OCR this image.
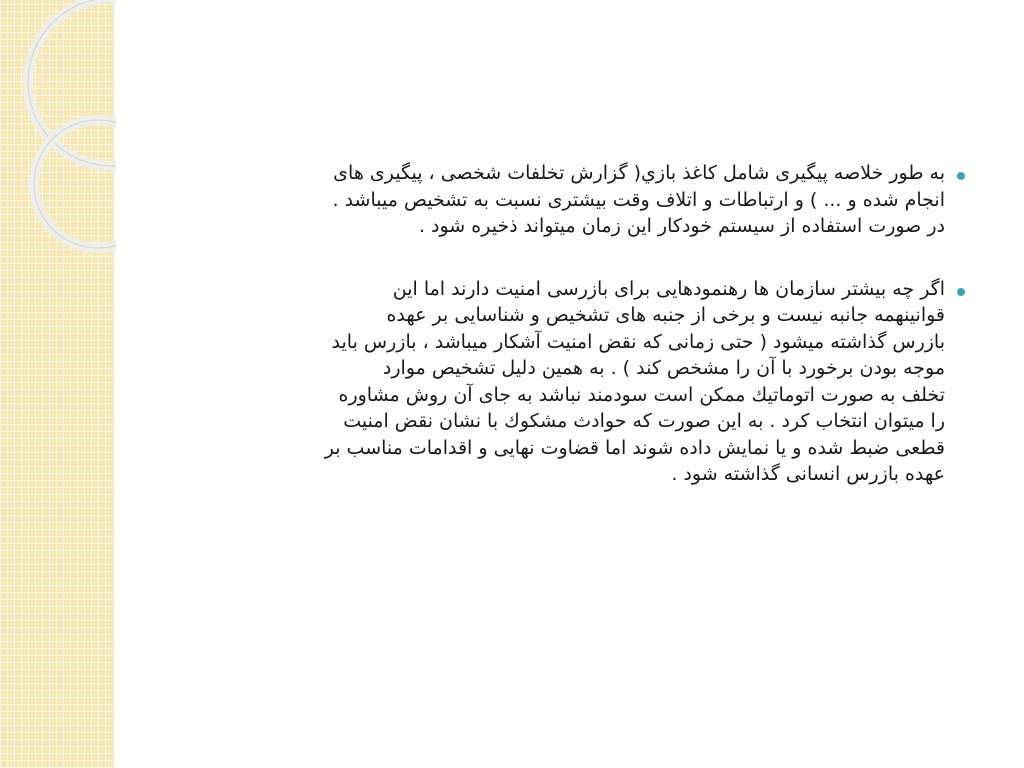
به طور خلاصه پيگيری شامل كاغذ بازي( گزارش تخلفات شخصی ، پيگيری های
انجام شده و ... ) و ارتباطات و اتلاف وقت بيشتری نسبت به تشخيص ميباشد .
در صورت استفاده از سيستم خودكار اين زمان ميتواند ذخيره شود .
اگر چه بيشتر سازمان ها رهنمودهايی برای بازرسی امنيت دارند اما اين
قوانينهمه جانبه نيست و برخی از جنبه های تشخيص و شناسايی بر عهده
بازرس گذاشته ميشود ( حتی زمانی كه نقض امنيت آشكار ميباشد ، بازرس بايد
موجه بودن برخورد با آن را مشخص كند ) . به همين دليل تشخيص موارد
تخلف به صورت اتوماتيك ممكن است سودمند نباشد به جای آن روش مشاوره
را ميتوان انتخاب كرد . به اين صورت كه حوادث مشكوك با نشان نقض امنيت
قطعی ضبط شده و يا نمايش داده شوند اما قضاوت نهايی و اقدامات مناسب بر
عهده بازرس انسانی گذاشته شود .
